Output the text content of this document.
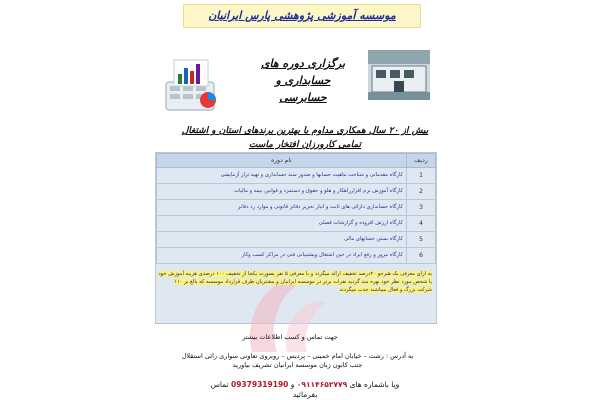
موسسه آموزشی پژوهشی پارس ایرانیان
برگزاری دوره های
حسابداری و
حسابرسی
بیش از ۲۰ سال همکاری مداوم با بهترین برندهای استان و اشتغال
تمامی کارورزان افتخار ماست
ردیف	نام دوره
1	کارگاه مقدماتی و شناخت ماهیت حسابها و صدور سند حسابداری و تهیه تراز آزمایشی
2	کارگاه آموزش نرم افزارراهکار و هلو و حقوق و دستمزد و قوانین بیمه و مالیات
3	کارگاه حسابداری دارائی های ثابت و انبار تحریر دفاتر قانونی و موارد رد دفاتر
4	کارگاه ارزش افزوده و گزارشات فصلی
5	کارگاه بستن حسابهای مالی
6	کارگاه مرور و رفع ایراد در حین اشتغال وپشتیبانی فنی در مراکز کسب وکار
به ازای معرفی یک هنرجو ۲۰درصد تخفیف ارائه میگردد و با معرفی ۵ نفر بصورت یکجا از تخفیف ۱۰۰ درصدی هزینه آموزش خود یا شخص مورد نظر خود بهره مند گردید نفرات برتر در موسسه ایرانیان و مشتریان طرف قرارداد موسسه که بالغ بر ۱۱۰ شرکت بزرگ و فعال میباشند جذب میگردند
جهت تماس و کسب اطلاعات بیشتر
به آدرس : رشت – خیابان امام خمینی – پردیس – روبروی تعاونی سواری رائی استقلال
جنب کانون زبان موسسه ایرانیان تشریف بیاورید
ویا باشماره های ۰۹۱۱۴۶۵۲۷۷۹ و 09379319190 تماس بفرمائید
